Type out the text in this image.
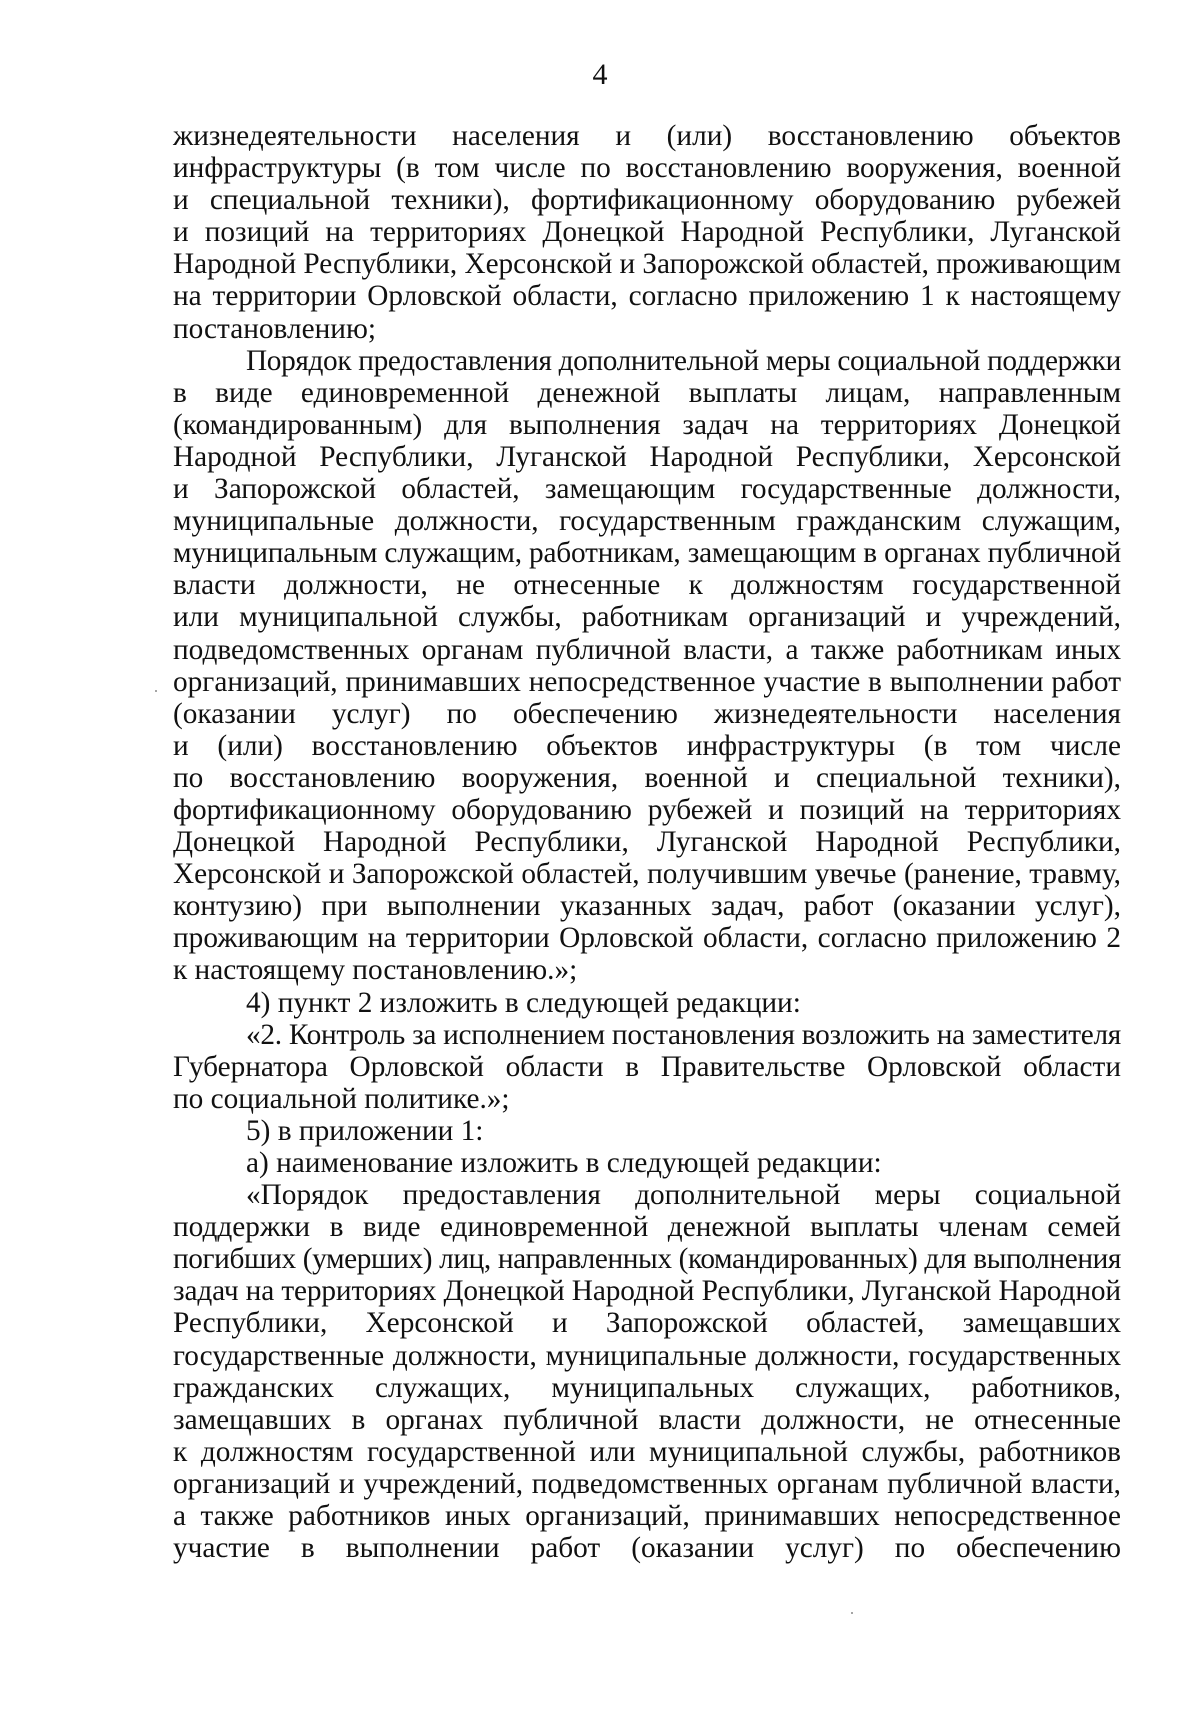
4
жизнедеятельности населения и (или) восстановлению объектов
инфраструктуры (в том числе по восстановлению вооружения, военной
и специальной техники), фортификационному оборудованию рубежей
и позиций на территориях Донецкой Народной Республики, Луганской
Народной Республики, Херсонской и Запорожской областей, проживающим
на территории Орловской области, согласно приложению 1 к настоящему
постановлению;
Порядок предоставления дополнительной меры социальной поддержки
в виде единовременной денежной выплаты лицам, направленным
(командированным) для выполнения задач на территориях Донецкой
Народной Республики, Луганской Народной Республики, Херсонской
и Запорожской областей, замещающим государственные должности,
муниципальные должности, государственным гражданским служащим,
муниципальным служащим, работникам, замещающим в органах публичной
власти должности, не отнесенные к должностям государственной
или муниципальной службы, работникам организаций и учреждений,
подведомственных органам публичной власти, а также работникам иных
организаций, принимавших непосредственное участие в выполнении работ
(оказании услуг) по обеспечению жизнедеятельности населения
и (или) восстановлению объектов инфраструктуры (в том числе
по восстановлению вооружения, военной и специальной техники),
фортификационному оборудованию рубежей и позиций на территориях
Донецкой Народной Республики, Луганской Народной Республики,
Херсонской и Запорожской областей, получившим увечье (ранение, травму,
контузию) при выполнении указанных задач, работ (оказании услуг),
проживающим на территории Орловской области, согласно приложению 2
к настоящему постановлению.»;
4) пункт 2 изложить в следующей редакции:
«2. Контроль за исполнением постановления возложить на заместителя
Губернатора Орловской области в Правительстве Орловской области
по социальной политике.»;
5) в приложении 1:
а) наименование изложить в следующей редакции:
«Порядок предоставления дополнительной меры социальной
поддержки в виде единовременной денежной выплаты членам семей
погибших (умерших) лиц, направленных (командированных) для выполнения
задач на территориях Донецкой Народной Республики, Луганской Народной
Республики, Херсонской и Запорожской областей, замещавших
государственные должности, муниципальные должности, государственных
гражданских служащих, муниципальных служащих, работников,
замещавших в органах публичной власти должности, не отнесенные
к должностям государственной или муниципальной службы, работников
организаций и учреждений, подведомственных органам публичной власти,
а также работников иных организаций, принимавших непосредственное
участие в выполнении работ (оказании услуг) по обеспечению
